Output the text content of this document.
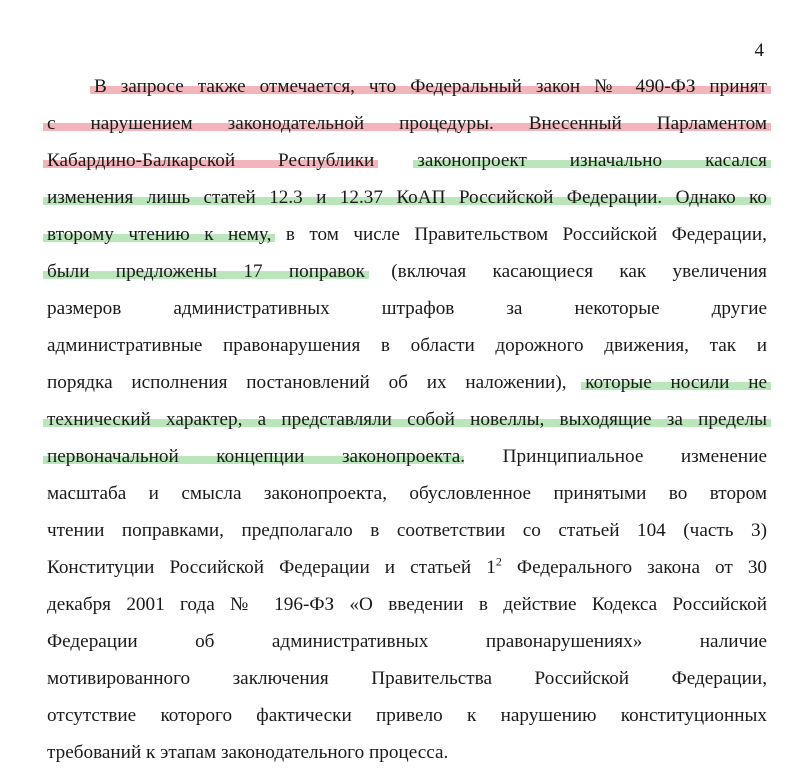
4
В запросе также отмечается, что Федеральный закон № 490-ФЗ принят
с нарушением законодательной процедуры. Внесенный Парламентом
Кабардино-Балкарской Республики законопроект изначально касался
изменения лишь статей 12.3 и 12.37 КоАП Российской Федерации. Однако ко
второму чтению к нему, в том числе Правительством Российской Федерации,
были предложены 17 поправок (включая касающиеся как увеличения
размеров административных штрафов за некоторые другие
административные правонарушения в области дорожного движения, так и
порядка исполнения постановлений об их наложении), которые носили не
технический характер, а представляли собой новеллы, выходящие за пределы
первоначальной концепции законопроекта. Принципиальное изменение
масштаба и смысла законопроекта, обусловленное принятыми во втором
чтении поправками, предполагало в соответствии со статьей 104 (часть 3)
Конституции Российской Федерации и статьей $1^2$ Федерального закона от 30
декабря 2001 года № 196-ФЗ «О введении в действие Кодекса Российской
Федерации об административных правонарушениях» наличие
мотивированного заключения Правительства Российской Федерации,
отсутствие которого фактически привело к нарушению конституционных
требований к этапам законодательного процесса.
